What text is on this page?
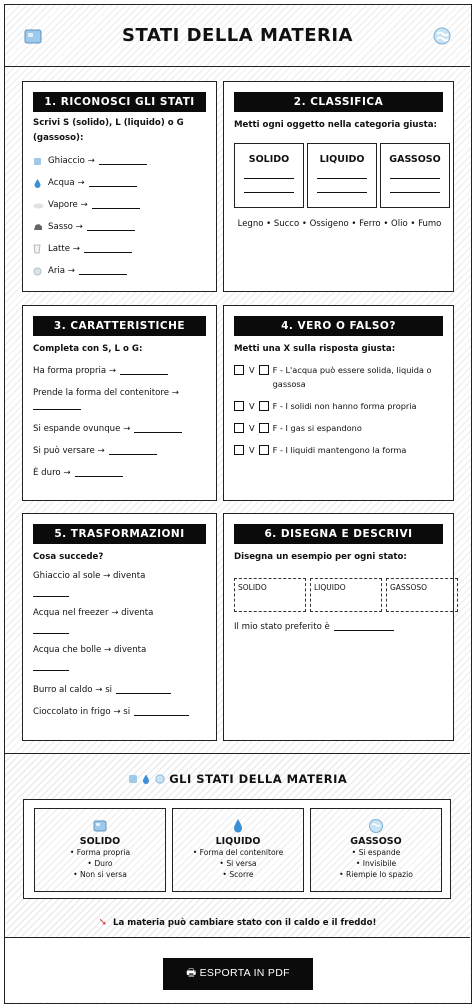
STATI DELLA MATERIA
1. RICONOSCI GLI STATI
Scrivi S (solido), L (liquido) o G (gassoso):
Ghiaccio →
Acqua →
Vapore →
Sasso →
Latte →
Aria →
2. CLASSIFICA
Metti ogni oggetto nella categoria giusta:
SOLIDO	LIQUIDO	GASSOSO
Legno • Succo • Ossigeno • Ferro • Olio • Fumo
3. CARATTERISTICHE
Completa con S, L o G:
Ha forma propria →
Prende la forma del contenitore →
Si espande ovunque →
Si può versare →
È duro →
4. VERO O FALSO?
Metti una X sulla risposta giusta:
V F - L'acqua può essere solida, liquida o gassosa
V F - I solidi non hanno forma propria
V F - I gas si espandono
V F - I liquidi mantengono la forma
5. TRASFORMAZIONI
Cosa succede?
Ghiaccio al sole → diventa
Acqua nel freezer → diventa
Acqua che bolle → diventa
Burro al caldo → si
Cioccolato in frigo → si
6. DISEGNA E DESCRIVI
Disegna un esempio per ogni stato:
SOLIDO	LIQUIDO	GASSOSO
Il mio stato preferito è

GLI STATI DELLA MATERIA
SOLIDO
• Forma propria
• Duro
• Non si versa
LIQUIDO
• Forma del contenitore
• Si versa
• Scorre
GASSOSO
• Si espande
• Invisibile
• Riempie lo spazio
➘ La materia può cambiare stato con il caldo e il freddo!
🖶 ESPORTA IN PDF
